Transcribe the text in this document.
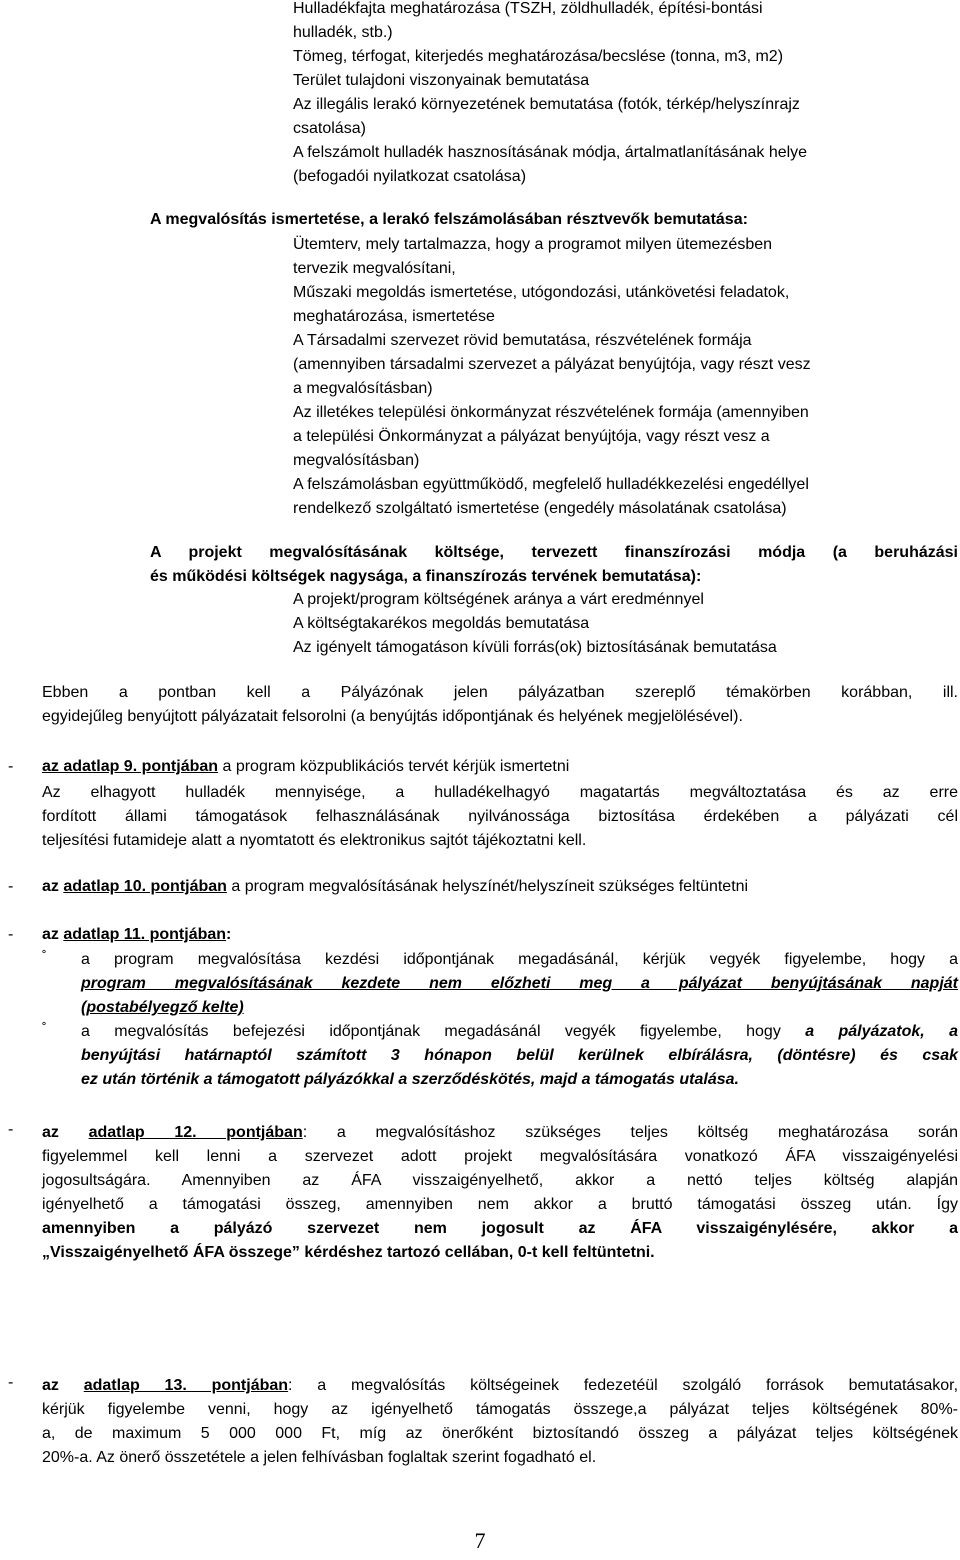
Hulladékfajta meghatározása (TSZH, zöldhulladék, építési-bontási
hulladék, stb.)
Tömeg, térfogat, kiterjedés meghatározása/becslése (tonna, m3, m2)
Terület tulajdoni viszonyainak bemutatása
Az illegális lerakó környezetének bemutatása (fotók, térkép/helyszínrajz
csatolása)
A felszámolt hulladék hasznosításának módja, ártalmatlanításának helye
(befogadói nyilatkozat csatolása)
A megvalósítás ismertetése, a lerakó felszámolásában résztvevők bemutatása:
Ütemterv, mely tartalmazza, hogy a programot milyen ütemezésben
tervezik megvalósítani,
Műszaki megoldás ismertetése, utógondozási, utánkövetési feladatok,
meghatározása, ismertetése
A Társadalmi szervezet rövid bemutatása, részvételének formája
(amennyiben társadalmi szervezet a pályázat benyújtója, vagy részt vesz
a megvalósításban)
Az illetékes települési önkormányzat részvételének formája (amennyiben
a települési Önkormányzat a pályázat benyújtója, vagy részt vesz a
megvalósításban)
A felszámolásban együttműködő, megfelelő hulladékkezelési engedéllyel
rendelkező szolgáltató ismertetése (engedély másolatának csatolása)
A projekt megvalósításának költsége, tervezett finanszírozási módja (a beruházási
és működési költségek nagysága, a finanszírozás tervének bemutatása):
A projekt/program költségének aránya a várt eredménnyel
A költségtakarékos megoldás bemutatása
Az igényelt támogatáson kívüli forrás(ok) biztosításának bemutatása
Ebben a pontban kell a Pályázónak jelen pályázatban szereplő témakörben korábban, ill.
egyidejűleg benyújtott pályázatait felsorolni (a benyújtás időpontjának és helyének megjelölésével).
- az adatlap 9. pontjában a program közpublikációs tervét kérjük ismertetni
Az elhagyott hulladék mennyisége, a hulladékelhagyó magatartás megváltoztatása és az erre
fordított állami támogatások felhasználásának nyilvánossága biztosítása érdekében a pályázati cél
teljesítési futamideje alatt a nyomtatott és elektronikus sajtót tájékoztatni kell.
- az adatlap 10. pontjában a program megvalósításának helyszínét/helyszíneit szükséges feltüntetni
- az adatlap 11. pontjában:
˚ a program megvalósítása kezdési időpontjának megadásánál, kérjük vegyék figyelembe, hogy a
program megvalósításának kezdete nem előzheti meg a pályázat benyújtásának napját
(postabélyegző kelte)
˚ a megvalósítás befejezési időpontjának megadásánál vegyék figyelembe, hogy a pályázatok, a
benyújtási határnaptól számított 3 hónapon belül kerülnek elbírálásra, (döntésre) és csak
ez után történik a támogatott pályázókkal a szerződéskötés, majd a támogatás utalása.
- az adatlap 12. pontjában: a megvalósításhoz szükséges teljes költség meghatározása során
figyelemmel kell lenni a szervezet adott projekt megvalósítására vonatkozó ÁFA visszaigényelési
jogosultságára. Amennyiben az ÁFA visszaigényelhető, akkor a nettó teljes költség alapján
igényelhető a támogatási összeg, amennyiben nem akkor a bruttó támogatási összeg után. Így
amennyiben a pályázó szervezet nem jogosult az ÁFA visszaigénylésére, akkor a
„Visszaigényelhető ÁFA összege” kérdéshez tartozó cellában, 0-t kell feltüntetni.
- az adatlap 13. pontjában: a megvalósítás költségeinek fedezetéül szolgáló források bemutatásakor,
kérjük figyelembe venni, hogy az igényelhető támogatás összege,a pályázat teljes költségének 80%-
a, de maximum 5 000 000 Ft, míg az önerőként biztosítandó összeg a pályázat teljes költségének
20%-a. Az önerő összetétele a jelen felhívásban foglaltak szerint fogadható el.
7
